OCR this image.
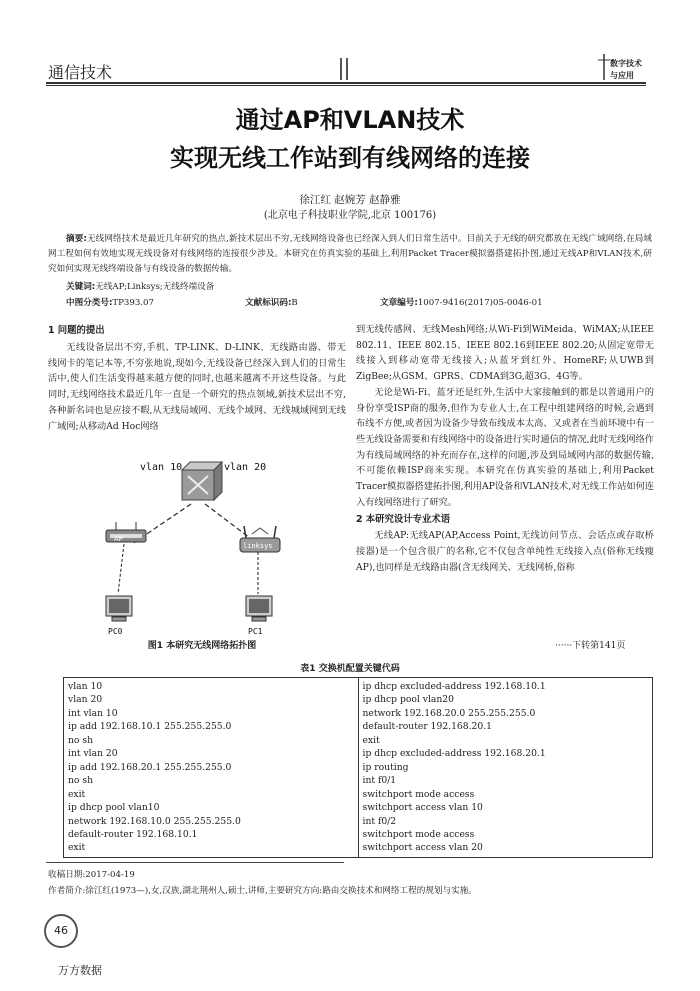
通信技术	数字技术
与应用
通过AP和VLAN技术
实现无线工作站到有线网络的连接
徐江红 赵婉芳 赵静雅
(北京电子科技职业学院,北京 100176)
摘要:无线网络技术是最近几年研究的热点,新技术层出不穷,无线网络设备也已经深入到人们日常生活中。目前关于无线的研究都放在无线广域网络,在局域网工程如何有效地实现无线设备对有线网络的连接很少涉及。本研究在仿真实验的基础上,利用Packet Tracer模拟器搭建拓扑图,通过无线AP和VLAN技术,研究如何实现无线终端设备与有线设备的数据传输。
关键词:无线AP;Linksys;无线终端设备
中图分类号:TP393.07	文献标识码:B	文章编号:1007-9416(2017)05-0046-01
1 问题的提出

无线设备层出不穷,手机、TP-LINK、D-LINK、无线路由器、带无线网卡的笔记本等,不穷张地说,现如今,无线设备已经深入到人们的日常生活中,使人们生活变得越来越方便的同时,也越来越离不开这些设备。与此同时,无线网络技术最近几年一直是一个研究的热点领域,新技术层出不穷,各种新名词也是应接不暇,从无线局域网、无线个域网、无线城域网到无线广域网;从移动Ad Hoc网络

vlan 10	vlan 20
AP
linksys
PC0	PC1
图1 本研究无线网络拓扑图

到无线传感网、无线Mesh网络;从Wi-Fi到WiMeida、WiMAX;从IEEE 802.11、IEEE 802.15、IEEE 802.16到IEEE 802.20;从固定宽带无线接入到移动宽带无线接入;从蓝牙到红外、HomeRF;从UWB到ZigBee;从GSM、GPRS、CDMA到3G,超3G、4G等。

无论是Wi-Fi、蓝牙还是红外,生活中大家接触到的都是以普通用户的身份享受ISP商的服务,但作为专业人士,在工程中组建网络的时候,会遇到布线不方便,或者因为设备少导致布线成本太高、又或者在当前环境中有一些无线设备需要和有线网络中的设备进行实时通信的情况,此时无线网络作为有线局域网络的补充而存在,这样的问题,涉及到局域网内部的数据传输,不可能依赖ISP商来实现。本研究在仿真实验的基础上,利用Packet Tracer模拟器搭建拓扑图,利用AP设备和VLAN技术,对无线工作站如何连入有线网络进行了研究。

2 本研究设计专业术语

无线AP:无线AP(AP,Access Point,无线访问节点、会话点或存取桥接器)是一个包含很广的名称,它不仅包含单纯性无线接入点(俗称无线瘦AP),也同样是无线路由器(含无线网关、无线网桥,俗称

······下转第141页
表1 交换机配置关键代码
vlan 10
vlan 20
int vlan 10
ip add 192.168.10.1 255.255.255.0
no sh
int vlan 20
ip add 192.168.20.1 255.255.255.0
no sh
exit
ip dhcp pool vlan10
network 192.168.10.0 255.255.255.0
default-router 192.168.10.1
exit

ip dhcp excluded-address 192.168.10.1
ip dhcp pool vlan20
network 192.168.20.0 255.255.255.0
default-router 192.168.20.1
exit
ip dhcp excluded-address 192.168.20.1
ip routing
int f0/1
switchport mode access
switchport access vlan 10
int f0/2
switchport mode access
switchport access vlan 20
收稿日期:2017-04-19
作者简介:徐江红(1973—),女,汉族,湖北荆州人,硕士,讲师,主要研究方向:路由交换技术和网络工程的规划与实施。
46
万方数据
